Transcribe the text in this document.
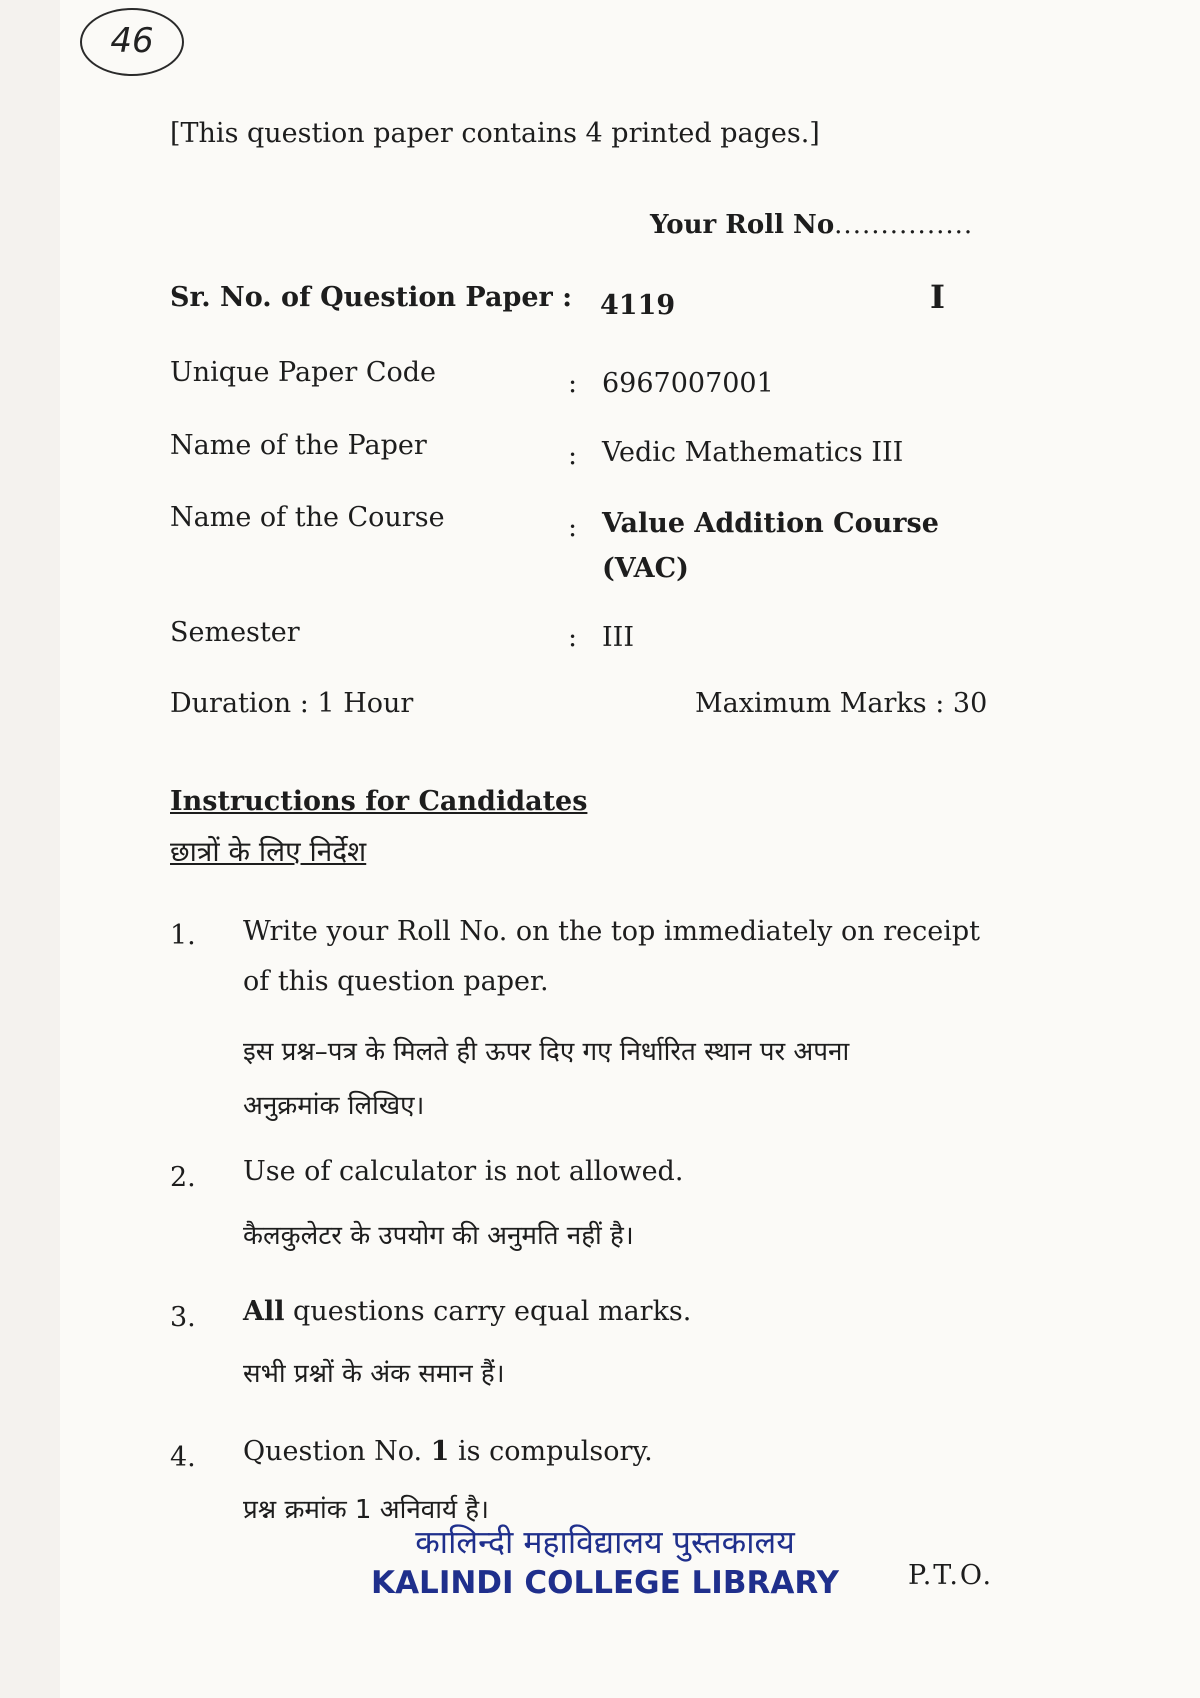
46
[This question paper contains 4 printed pages.]
Your Roll No...............
Sr. No. of Question Paper : 4119	I
Unique Paper Code	: 6967007001
Name of the Paper	: Vedic Mathematics III
Name of the Course	: Value Addition Course
(VAC)
Semester	: III
Duration : 1 Hour	Maximum Marks : 30
Instructions for Candidates
छात्रों के लिए निर्देश
1. Write your Roll No. on the top immediately on receipt
of this question paper.
इस प्रश्न–पत्र के मिलते ही ऊपर दिए गए निर्धारित स्थान पर अपना
अनुक्रमांक लिखिए।
2. Use of calculator is not allowed.
कैलकुलेटर के उपयोग की अनुमति नहीं है।
3. All questions carry equal marks.
सभी प्रश्नों के अंक समान हैं।
4. Question No. 1 is compulsory.
प्रश्न क्रमांक 1 अनिवार्य है।
कालिन्दी महाविद्यालय पुस्तकालय
KALINDI COLLEGE LIBRARY	P.T.O.
